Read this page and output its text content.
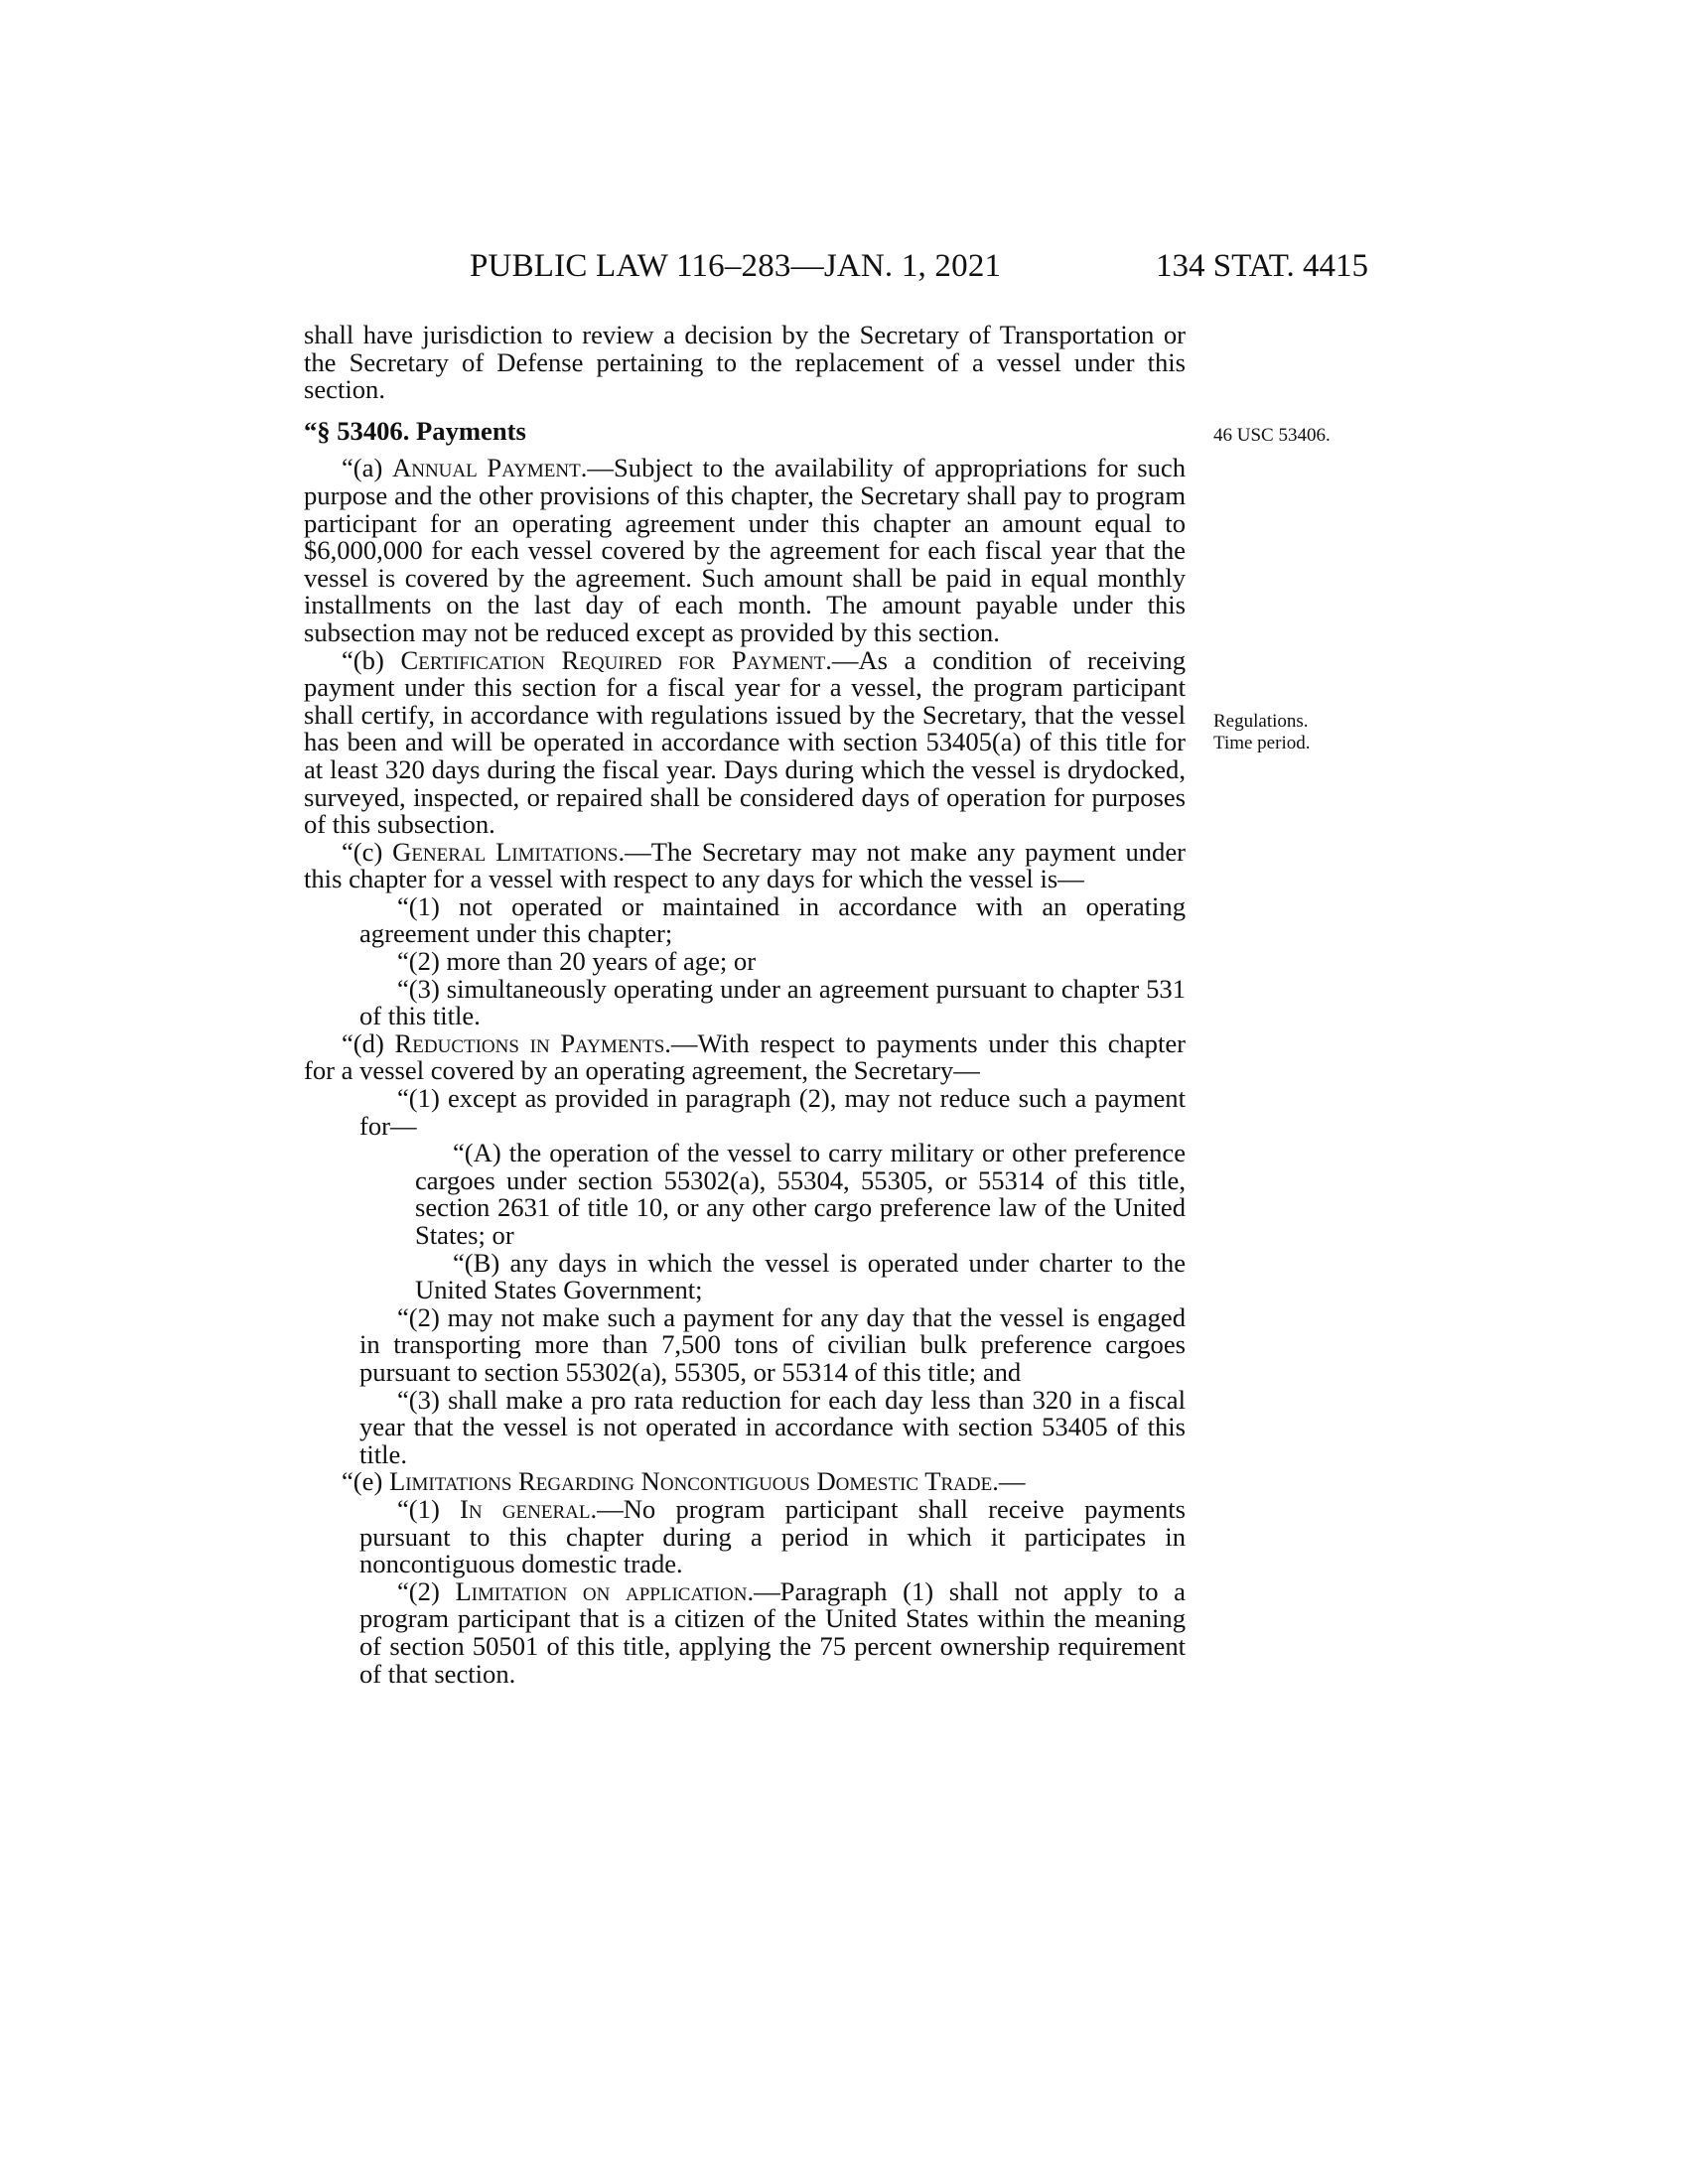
PUBLIC LAW 116–283—JAN. 1, 2021	134 STAT. 4415
46 USC 53406.
Regulations.
Time period.

shall have jurisdiction to review a decision by the Secretary of Transportation or the Secretary of Defense pertaining to the replacement of a vessel under this section.

“§ 53406. Payments

“(a) Annual Payment.—Subject to the availability of appropriations for such purpose and the other provisions of this chapter, the Secretary shall pay to program participant for an operating agreement under this chapter an amount equal to $6,000,000 for each vessel covered by the agreement for each fiscal year that the vessel is covered by the agreement. Such amount shall be paid in equal monthly installments on the last day of each month. The amount payable under this subsection may not be reduced except as provided by this section.

“(b) Certification Required for Payment.—As a condition of receiving payment under this section for a fiscal year for a vessel, the program participant shall certify, in accordance with regulations issued by the Secretary, that the vessel has been and will be operated in accordance with section 53405(a) of this title for at least 320 days during the fiscal year. Days during which the vessel is drydocked, surveyed, inspected, or repaired shall be considered days of operation for purposes of this subsection.

“(c) General Limitations.—The Secretary may not make any payment under this chapter for a vessel with respect to any days for which the vessel is—

“(1) not operated or maintained in accordance with an operating agreement under this chapter;

“(2) more than 20 years of age; or

“(3) simultaneously operating under an agreement pursuant to chapter 531 of this title.

“(d) Reductions in Payments.—With respect to payments under this chapter for a vessel covered by an operating agreement, the Secretary—

“(1) except as provided in paragraph (2), may not reduce such a payment for—

“(A) the operation of the vessel to carry military or other preference cargoes under section 55302(a), 55304, 55305, or 55314 of this title, section 2631 of title 10, or any other cargo preference law of the United States; or

“(B) any days in which the vessel is operated under charter to the United States Government;

“(2) may not make such a payment for any day that the vessel is engaged in transporting more than 7,500 tons of civilian bulk preference cargoes pursuant to section 55302(a), 55305, or 55314 of this title; and

“(3) shall make a pro rata reduction for each day less than 320 in a fiscal year that the vessel is not operated in accordance with section 53405 of this title.

“(e) Limitations Regarding Noncontiguous Domestic Trade.—

“(1) In general.—No program participant shall receive payments pursuant to this chapter during a period in which it participates in noncontiguous domestic trade.

“(2) Limitation on application.—Paragraph (1) shall not apply to a program participant that is a citizen of the United States within the meaning of section 50501 of this title, applying the 75 percent ownership requirement of that section.
